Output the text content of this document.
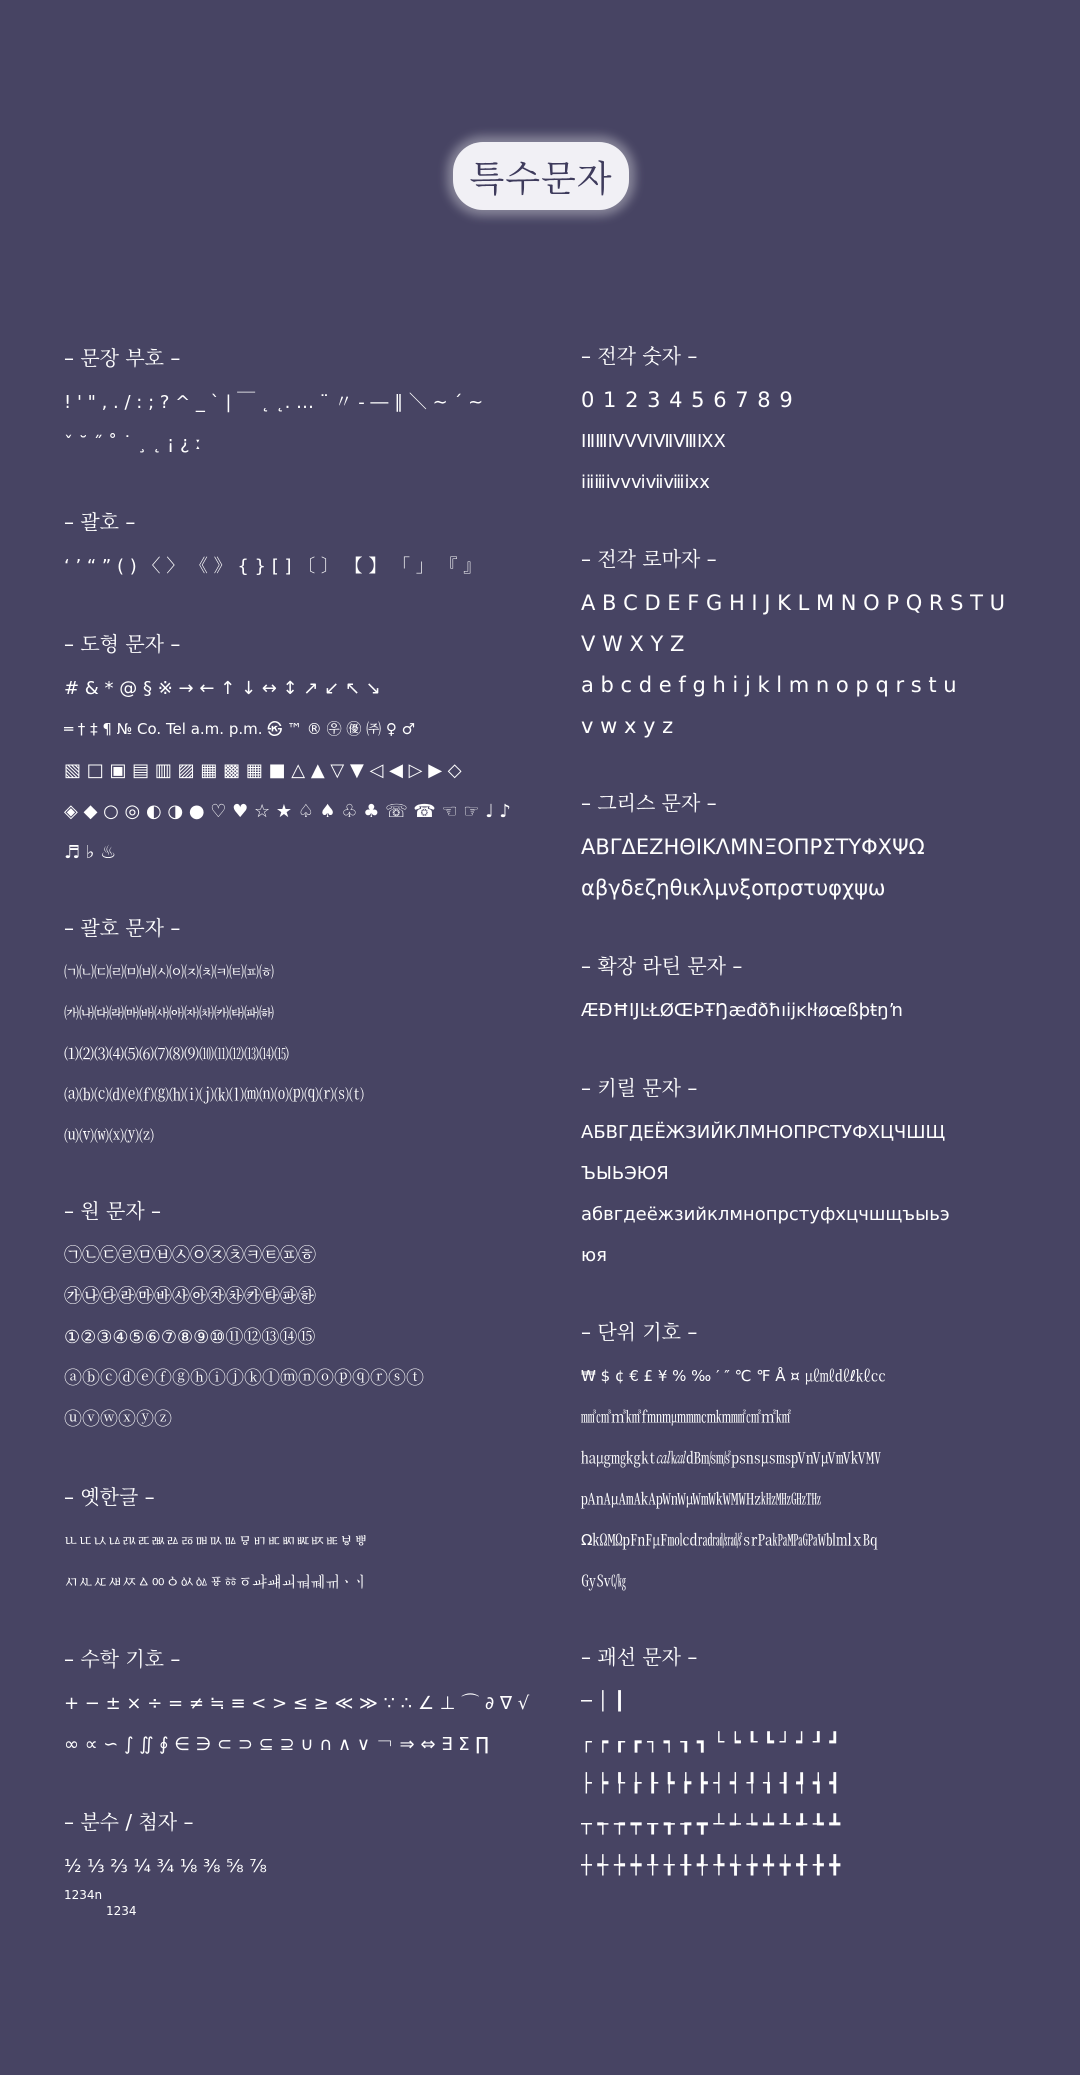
특수문자
– 문장 부호 –
! ' " , . / : ; ? ^ _ ` | ￣ ˛ ˛. … ¨ 〃 ‐ ― ∥ ＼ ∼ ´ ~
ˇ ˘ ˝ ˚ ˙ ¸ ˛ ¡ ¿ ː
– 괄호 –
‘ ’ “ ” ( ) 〈 〉 《 》 { } [ ] 〔 〕 【 】 「 」 『 』
– 도형 문자 –
# & * @ § ※ → ← ↑ ↓ ↔ ↕ ↗ ↙ ↖ ↘
═ † ‡ ¶ № Co. Tel a.m. p.m. ㉿ ™ ® ㉾ ㊝ ㈜ ♀ ♂
▧ □ ▣ ▤ ▥ ▨ ▦ ▩ ▦ ■ △ ▲ ▽ ▼ ◁ ◀ ▷ ▶ ◇
◈ ◆ ○ ◎ ◐ ◑ ● ♡ ♥ ☆ ★ ♤ ♠ ♧ ♣ ☏ ☎ ☜ ☞ ♩ ♪
♬ ♭ ♨
– 괄호 문자 –
㈀㈁㈂㈃㈄㈅㈆㈇㈈㈉㈊㈋㈌㈍
㈎㈏㈐㈑㈒㈓㈔㈕㈖㈗㈘㈙㈚㈛
⑴⑵⑶⑷⑸⑹⑺⑻⑼⑽⑾⑿⒀⒁⒂
⒜⒝⒞⒟⒠⒡⒢⒣⒤⒥⒦⒧⒨⒩⒪⒫⒬⒭⒮⒯
⒰⒱⒲⒳⒴⒵
– 원 문자 –
㉠㉡㉢㉣㉤㉥㉦㉧㉨㉩㉪㉫㉬㉭
㉮㉯㉰㉱㉲㉳㉴㉵㉶㉷㉸㉹㉺㉻
①②③④⑤⑥⑦⑧⑨⑩⑪⑫⑬⑭⑮
ⓐⓑⓒⓓⓔⓕⓖⓗⓘⓙⓚⓛⓜⓝⓞⓟⓠⓡⓢⓣ
ⓤⓥⓦⓧⓨⓩ
– 옛한글 –
ㅥㅦㅧㅨㅩㅪㅫㅬㅭㅮㅯㅰㅱㅲㅳㅴㅵㅶㅷㅸㅹ
ㅺㅻㅼㅽㅾㅿㆀㆁㆂㆃㆄㆅㆆㆇㆈㆉㆊㆋㆌㆍㆎ
– 수학 기호 –
+ − ± × ÷ = ≠ ≒ ≡ < > ≤ ≥ ≪ ≫ ∵ ∴ ∠ ⊥ ⌒ ∂ ∇ √
∞ ∝ ∽ ∫ ∬ ∮ ∈ ∋ ⊂ ⊃ ⊆ ⊇ ∪ ∩ ∧ ∨ ￢ ⇒ ⇔ ∃ Σ ∏
– 분수 / 첨자 –
½ ⅓ ⅔ ¼ ¾ ⅛ ⅜ ⅝ ⅞
1234n
1234
– 전각 숫자 –
0 1 2 3 4 5 6 7 8 9
ⅠⅡⅢⅣⅤⅥⅦⅧⅨⅩ
ⅰⅱⅲⅳⅴⅵⅶⅷⅸⅹ
– 전각 로마자 –
A B C D E F G H I J K L M N O P Q R S T U
V W X Y Z
a b c d e f g h i j k l m n o p q r s t u
v w x y z
– 그리스 문자 –
ΑΒΓΔΕΖΗΘΙΚΛΜΝΞΟΠΡΣΤΥΦΧΨΩ
αβγδεζηθικλμνξοπρστυφχψω
– 확장 라틴 문자 –
ÆÐĦĲĿŁØŒÞŦŊæđðħıĳĸŀłøœßþŧŋŉ
– 키릴 문자 –
АБВГДЕЁЖЗИЙКЛМНОПРСТУФХЦЧШЩ
ЪЫЬЭЮЯ
абвгдеёжзийклмнопрстуфхцчшщъыьэ
юя
– 단위 기호 –
₩ $ ¢ € £ ¥ % ‰ ′ ″ ℃ ℉ Å ¤ ㎕㎖㎗ℓ㎘㏄
㎣㎤㎥㎦㎙㎚㎛㎜㎝㎞㎟㎠㎡㎢
㏊㎍㎎㎏㏏㎈㎉㏈㎧㎨㎰㎱㎲㎳㎴㎵㎶㎷㎸㎹
㎀㎁㎂㎃㎄㎺㎻㎼㎽㎾㎿㎐㎑㎒㎓㎔
Ω㏀㏁㎊㎋㎌㏖㏅㎭㎮㎯㏛㎩㎪㎫㎬㏝㏐㏓㏃
㏉㏜㏆
– 괘선 문자 –
─ │ ┃
┌ ┍ ┎ ┏ ┐ ┑ ┒ ┓ └ ┕ ┖ ┗ ┘ ┙ ┚ ┛
├ ┝ ┞ ┟ ┠ ┡ ┢ ┣ ┤ ┥ ┦ ┧ ┨ ┩ ┪ ┫
┬ ┭ ┮ ┯ ┰ ┱ ┲ ┳ ┴ ┵ ┶ ┷ ┸ ┹ ┺ ┻
┼ ┽ ┾ ┿ ╀ ╁ ╂ ╃ ╄ ╅ ╆ ╇ ╈ ╉ ╊ ╋
